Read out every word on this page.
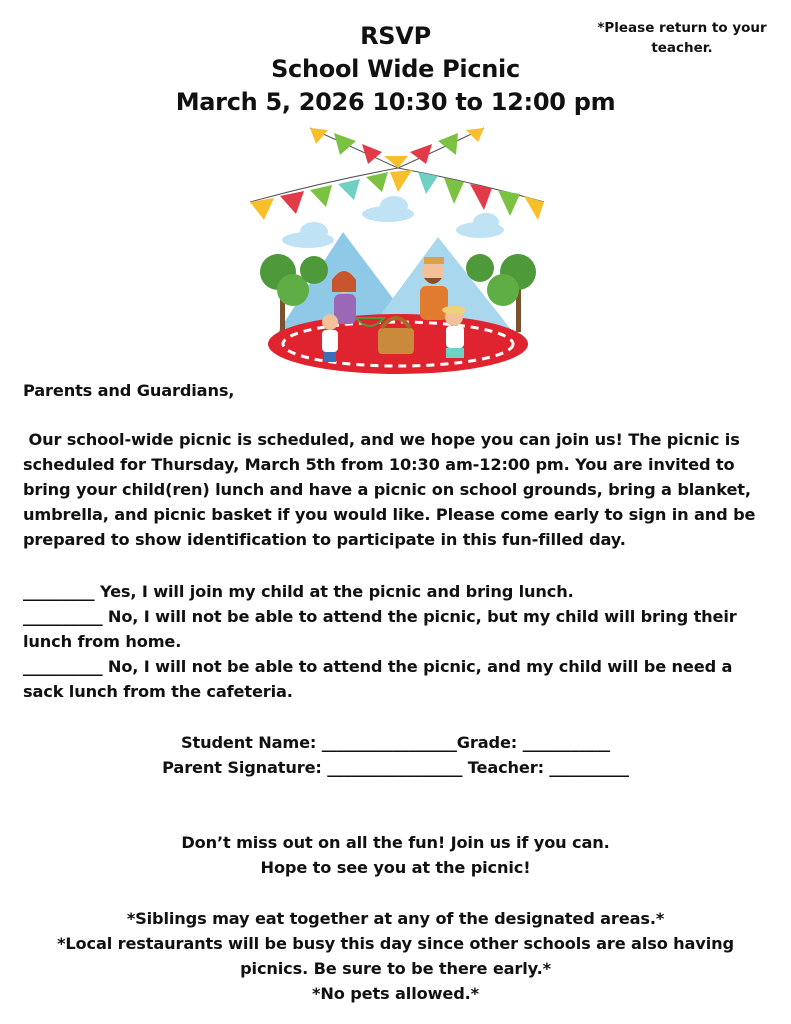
RSVP
School Wide Picnic
March 5, 2026 10:30 to 12:00 pm
*Please return to your teacher.

Parents and Guardians,

Our school-wide picnic is scheduled, and we hope you can join us! The picnic is scheduled for Thursday, March 5th from 10:30 am-12:00 pm. You are invited to bring your child(ren) lunch and have a picnic on school grounds, bring a blanket, umbrella, and picnic basket if you would like. Please come early to sign in and be prepared to show identification to participate in this fun-filled day.

_________ Yes, I will join my child at the picnic and bring lunch.

__________ No, I will not be able to attend the picnic, but my child will bring their lunch from home.

__________ No, I will not be able to attend the picnic, and my child will be need a sack lunch from the cafeteria.

Student Name: _________________Grade: ___________

Parent Signature: _________________ Teacher: __________

Don’t miss out on all the fun! Join us if you can.

Hope to see you at the picnic!

*Siblings may eat together at any of the designated areas.*

*Local restaurants will be busy this day since other schools are also having picnics. Be sure to be there early.*

*No pets allowed.*
